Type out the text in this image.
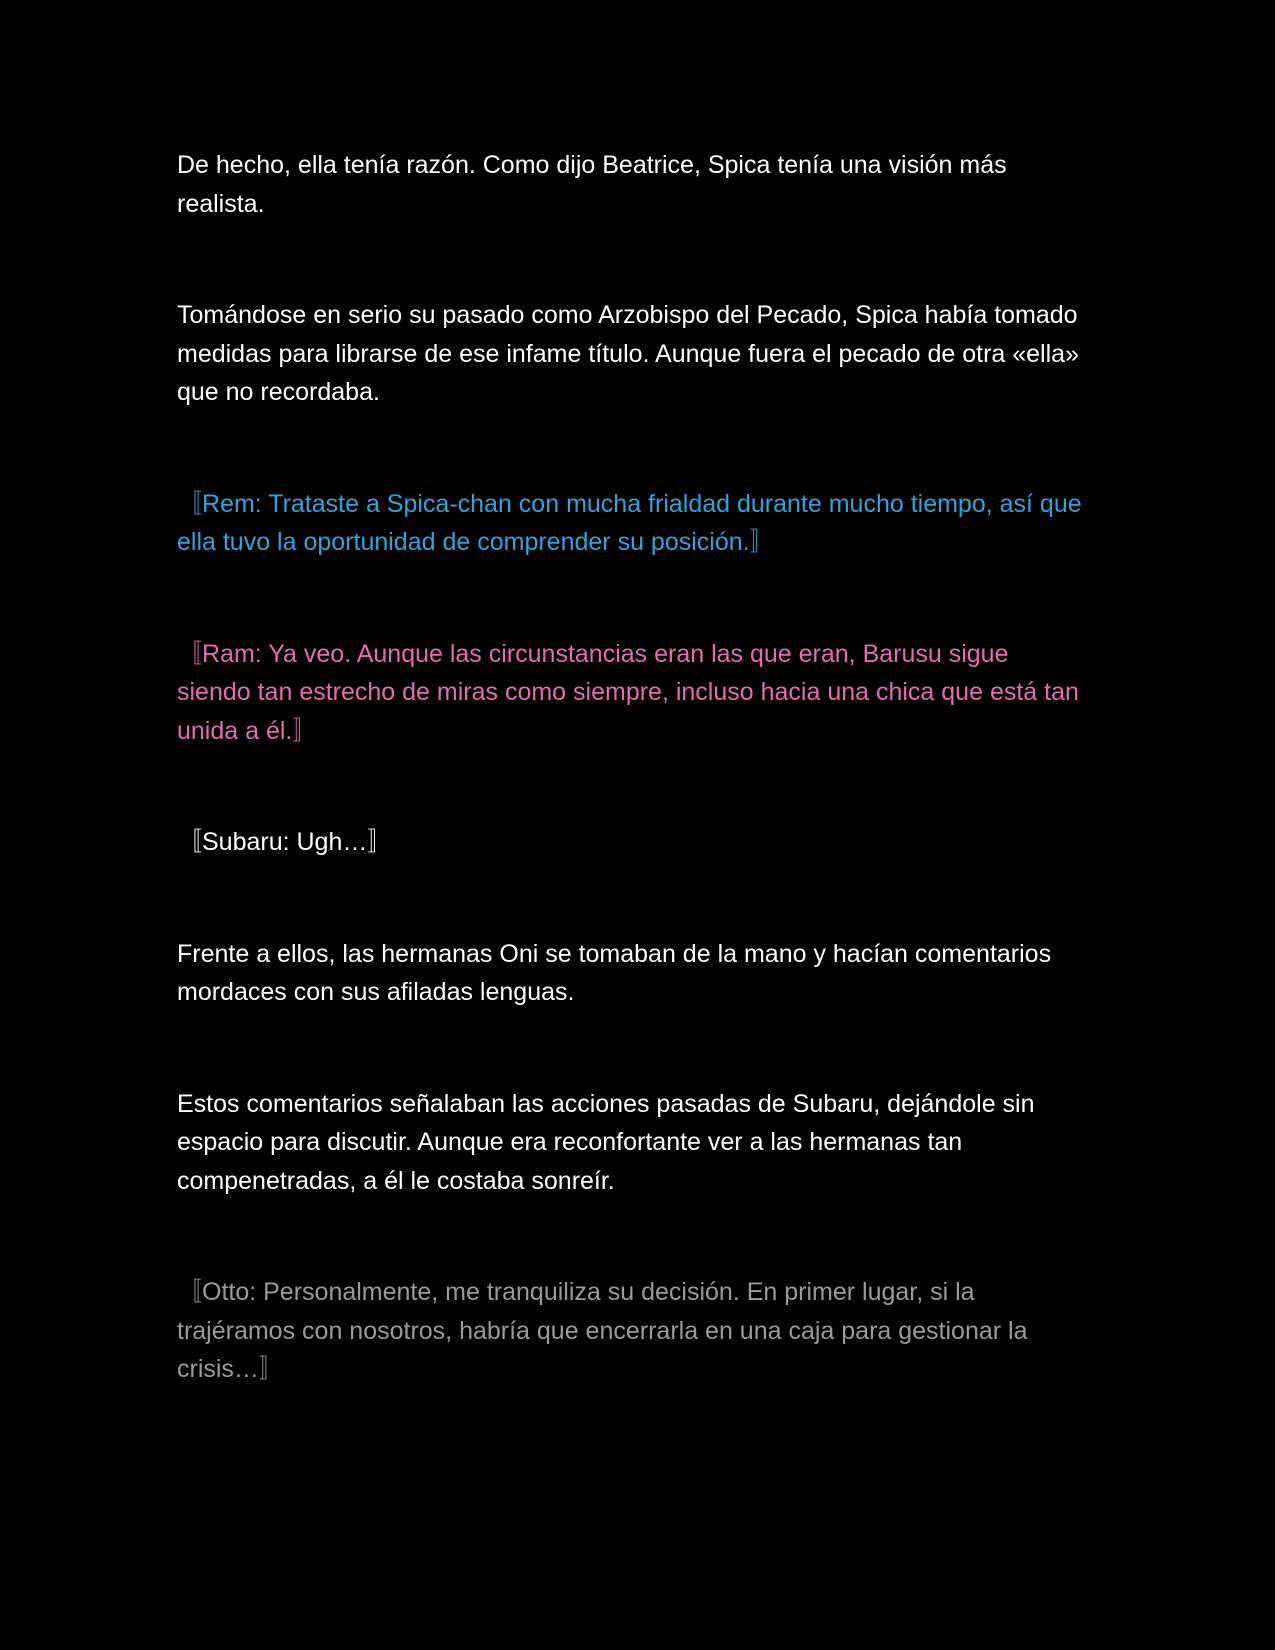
De hecho, ella tenía razón. Como dijo Beatrice, Spica tenía una visión más realista.

Tomándose en serio su pasado como Arzobispo del Pecado, Spica había tomado medidas para librarse de ese infame título. Aunque fuera el pecado de otra «ella» que no recordaba.

〚Rem: Trataste a Spica-chan con mucha frialdad durante mucho tiempo, así que ella tuvo la oportunidad de comprender su posición.〛

〚Ram: Ya veo. Aunque las circunstancias eran las que eran, Barusu sigue siendo tan estrecho de miras como siempre, incluso hacia una chica que está tan unida a él.〛

〚Subaru: Ugh…〛

Frente a ellos, las hermanas Oni se tomaban de la mano y hacían comentarios mordaces con sus afiladas lenguas.

Estos comentarios señalaban las acciones pasadas de Subaru, dejándole sin espacio para discutir. Aunque era reconfortante ver a las hermanas tan compenetradas, a él le costaba sonreír.

〚Otto: Personalmente, me tranquiliza su decisión. En primer lugar, si la trajéramos con nosotros, habría que encerrarla en una caja para gestionar la crisis…〛
